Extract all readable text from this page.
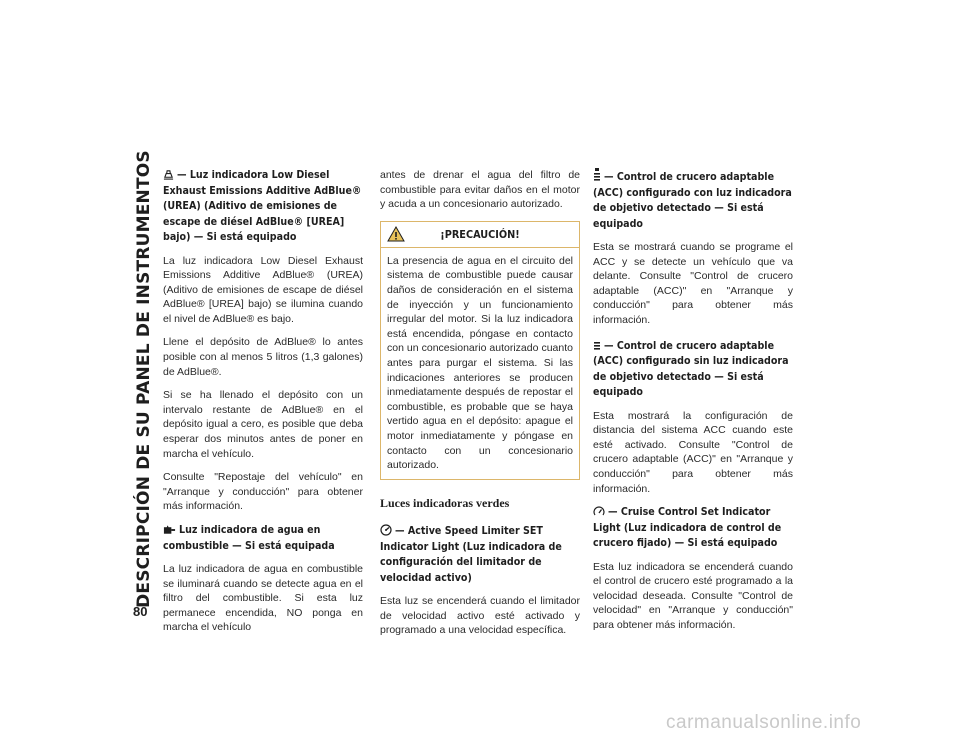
DESCRIPCIÓN DE SU PANEL DE INSTRUMENTOS
80
— Luz indicadora Low Diesel Exhaust Emissions Additive AdBlue® (UREA) (Aditivo de emisiones de escape de diésel AdBlue® [UREA] bajo) — Si está equipado

La luz indicadora Low Diesel Exhaust Emissions Additive AdBlue® (UREA) (Aditivo de emisiones de escape de diésel AdBlue® [UREA] bajo) se ilumina cuando el nivel de AdBlue® es bajo.

Llene el depósito de AdBlue® lo antes posible con al menos 5 litros (1,3 galones) de AdBlue®.

Si se ha llenado el depósito con un intervalo restante de AdBlue® en el depósito igual a cero, es posible que deba esperar dos minutos antes de poner en marcha el vehículo.

Consulte "Repostaje del vehículo" en "Arranque y conducción" para obtener más información.

Luz indicadora de agua en combustible — Si está equipada

La luz indicadora de agua en combustible se iluminará cuando se detecte agua en el filtro del combustible. Si esta luz permanece encendida, NO ponga en marcha el vehículo

antes de drenar el agua del filtro de combustible para evitar daños en el motor y acuda a un concesionario autorizado.

¡PRECAUCIÓN!

La presencia de agua en el circuito del sistema de combustible puede causar daños de consideración en el sistema de inyección y un funcionamiento irregular del motor. Si la luz indicadora está encendida, póngase en contacto con un concesionario autorizado cuanto antes para purgar el sistema. Si las indicaciones anteriores se producen inmediatamente después de repostar el combustible, es probable que se haya vertido agua en el depósito: apague el motor inmediatamente y póngase en contacto con un concesionario autorizado.

Luces indicadoras verdes
— Active Speed Limiter SET Indicator Light (Luz indicadora de configuración del limitador de velocidad activo)

Esta luz se encenderá cuando el limitador de velocidad activo esté activado y programado a una velocidad específica.

— Control de crucero adaptable (ACC) configurado con luz indicadora de objetivo detectado — Si está equipado

Esta se mostrará cuando se programe el ACC y se detecte un vehículo que va delante. Consulte "Control de crucero adaptable (ACC)" en "Arranque y conducción" para obtener más información.

— Control de crucero adaptable (ACC) configurado sin luz indicadora de objetivo detectado — Si está equipado

Esta mostrará la configuración de distancia del sistema ACC cuando este esté activado. Consulte "Control de crucero adaptable (ACC)" en "Arranque y conducción" para obtener más información.

— Cruise Control Set Indicator Light (Luz indicadora de control de crucero fijado) — Si está equipado

Esta luz indicadora se encenderá cuando el control de crucero esté programado a la velocidad deseada. Consulte "Control de velocidad" en "Arranque y conducción" para obtener más información.

carmanualsonline.info
